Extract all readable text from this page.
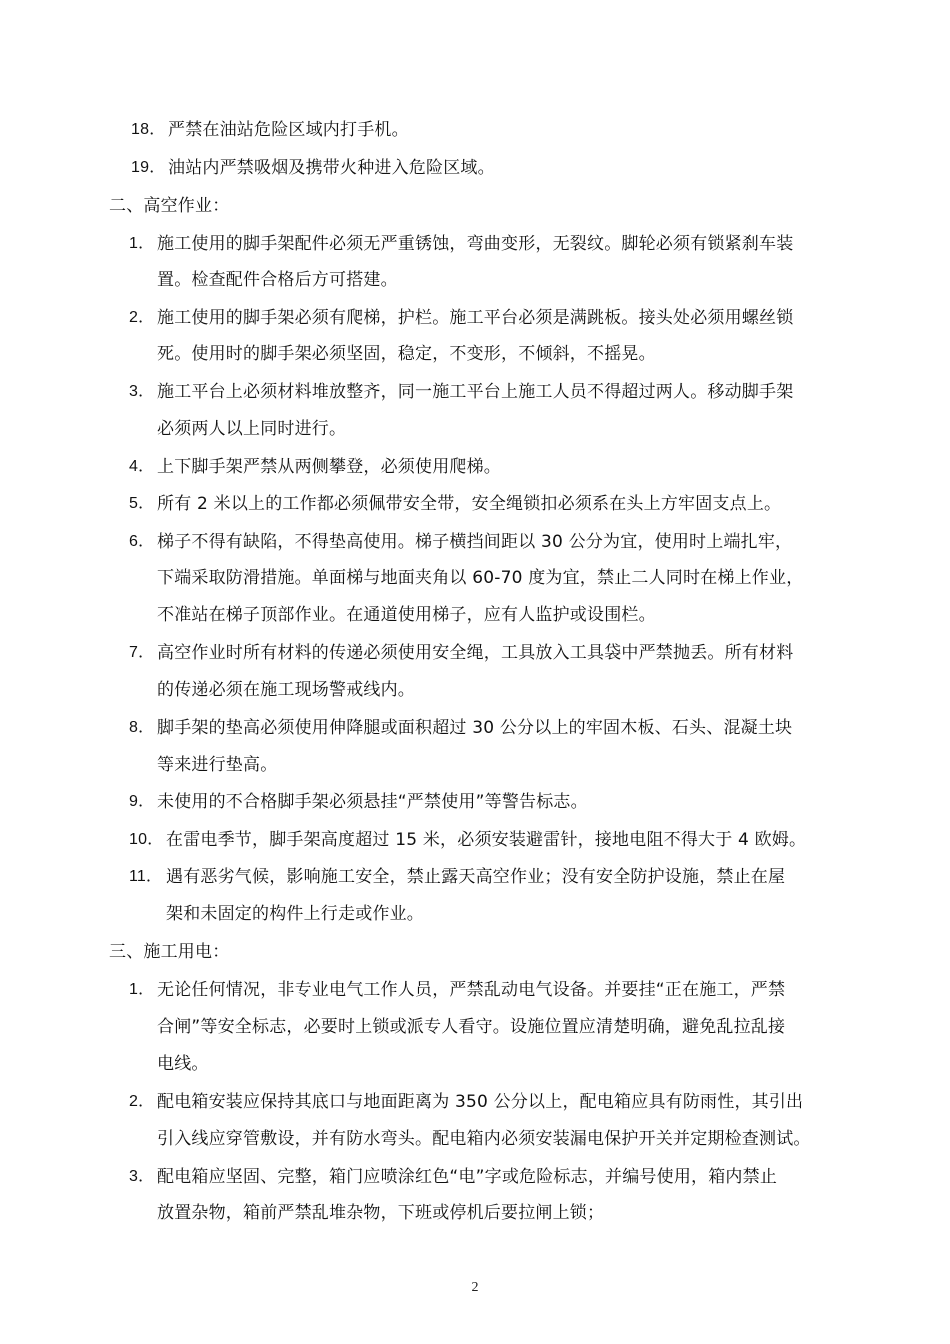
18． 严禁在油站危险区域内打手机。
19． 油站内严禁吸烟及携带火种进入危险区域。
二、高空作业：
1． 施工使用的脚手架配件必须无严重锈蚀，弯曲变形，无裂纹。脚轮必须有锁紧刹车装
置。检查配件合格后方可搭建。
2． 施工使用的脚手架必须有爬梯，护栏。施工平台必须是满跳板。接头处必须用螺丝锁
死。使用时的脚手架必须坚固，稳定，不变形，不倾斜，不摇晃。
3． 施工平台上必须材料堆放整齐，同一施工平台上施工人员不得超过两人。移动脚手架
必须两人以上同时进行。
4． 上下脚手架严禁从两侧攀登，必须使用爬梯。
5． 所有 2 米以上的工作都必须佩带安全带，安全绳锁扣必须系在头上方牢固支点上。
6． 梯子不得有缺陷，不得垫高使用。梯子横挡间距以 30 公分为宜，使用时上端扎牢，
下端采取防滑措施。单面梯与地面夹角以 60-70 度为宜，禁止二人同时在梯上作业，
不准站在梯子顶部作业。在通道使用梯子，应有人监护或设围栏。
7． 高空作业时所有材料的传递必须使用安全绳，工具放入工具袋中严禁抛丢。所有材料
的传递必须在施工现场警戒线内。
8． 脚手架的垫高必须使用伸降腿或面积超过 30 公分以上的牢固木板、石头、混凝土块
等来进行垫高。
9． 未使用的不合格脚手架必须悬挂“严禁使用”等警告标志。
10． 在雷电季节，脚手架高度超过 15 米，必须安装避雷针，接地电阻不得大于 4 欧姆。
11． 遇有恶劣气候，影响施工安全，禁止露天高空作业；没有安全防护设施，禁止在屋
架和未固定的构件上行走或作业。
三、施工用电：
1． 无论任何情况，非专业电气工作人员，严禁乱动电气设备。并要挂“正在施工，严禁
合闸”等安全标志，必要时上锁或派专人看守。设施位置应清楚明确，避免乱拉乱接
电线。
2． 配电箱安装应保持其底口与地面距离为 350 公分以上，配电箱应具有防雨性，其引出
引入线应穿管敷设，并有防水弯头。配电箱内必须安装漏电保护开关并定期检查测试。
3． 配电箱应坚固、完整，箱门应喷涂红色“电”字或危险标志，并编号使用，箱内禁止
放置杂物，箱前严禁乱堆杂物，下班或停机后要拉闸上锁；
2
